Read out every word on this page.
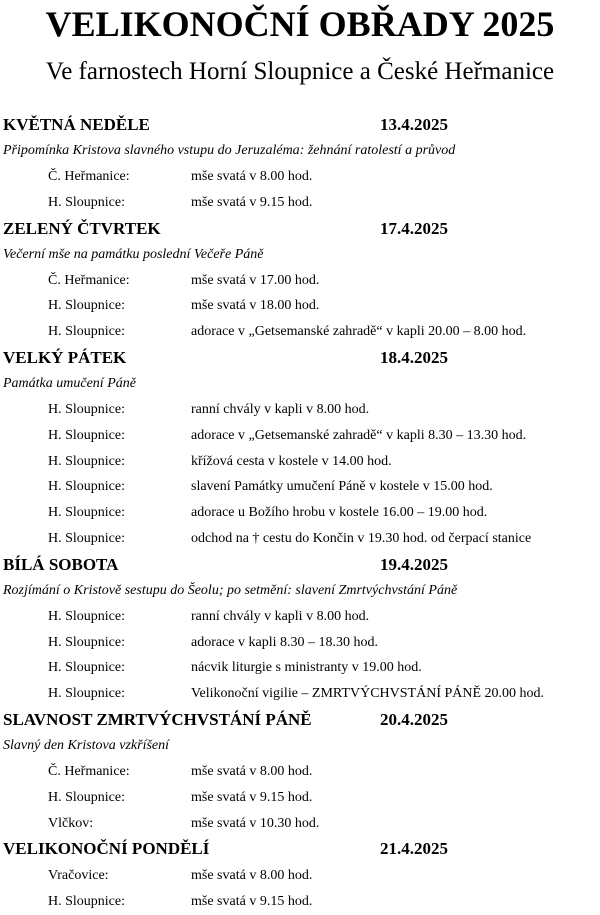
VELIKONOČNÍ OBŘADY 2025
Ve farnostech Horní Sloupnice a České Heřmanice
KVĚTNÁ NEDĚLE	13.4.2025
Připomínka Kristova slavného vstupu do Jeruzaléma: žehnání ratolestí a průvod
Č. Heřmanice:	mše svatá v 8.00 hod.
H. Sloupnice:	mše svatá v 9.15 hod.
ZELENÝ ČTVRTEK	17.4.2025
Večerní mše na památku poslední Večeře Páně
Č. Heřmanice:	mše svatá v 17.00 hod.
H. Sloupnice:	mše svatá v 18.00 hod.
H. Sloupnice:	adorace v „Getsemanské zahradě“ v kapli 20.00 – 8.00 hod.
VELKÝ PÁTEK	18.4.2025
Památka umučení Páně
H. Sloupnice:	ranní chvály v kapli v 8.00 hod.
H. Sloupnice:	adorace v „Getsemanské zahradě“ v kapli 8.30 – 13.30 hod.
H. Sloupnice:	křížová cesta v kostele v 14.00 hod.
H. Sloupnice:	slavení Památky umučení Páně v kostele v 15.00 hod.
H. Sloupnice:	adorace u Božího hrobu v kostele 16.00 – 19.00 hod.
H. Sloupnice:	odchod na † cestu do Končin v 19.30 hod. od čerpací stanice
BÍLÁ SOBOTA	19.4.2025
Rozjímání o Kristově sestupu do Šeolu; po setmění: slavení Zmrtvýchvstání Páně
H. Sloupnice:	ranní chvály v kapli v 8.00 hod.
H. Sloupnice:	adorace v kapli 8.30 – 18.30 hod.
H. Sloupnice:	nácvik liturgie s ministranty v 19.00 hod.
H. Sloupnice:	Velikonoční vigilie – ZMRTVÝCHVSTÁNÍ PÁNĚ 20.00 hod.
SLAVNOST ZMRTVÝCHVSTÁNÍ PÁNĚ	20.4.2025
Slavný den Kristova vzkříšení
Č. Heřmanice:	mše svatá v 8.00 hod.
H. Sloupnice:	mše svatá v 9.15 hod.
Vlčkov:	mše svatá v 10.30 hod.
VELIKONOČNÍ PONDĚLÍ	21.4.2025
Vračovice:	mše svatá v 8.00 hod.
H. Sloupnice:	mše svatá v 9.15 hod.
